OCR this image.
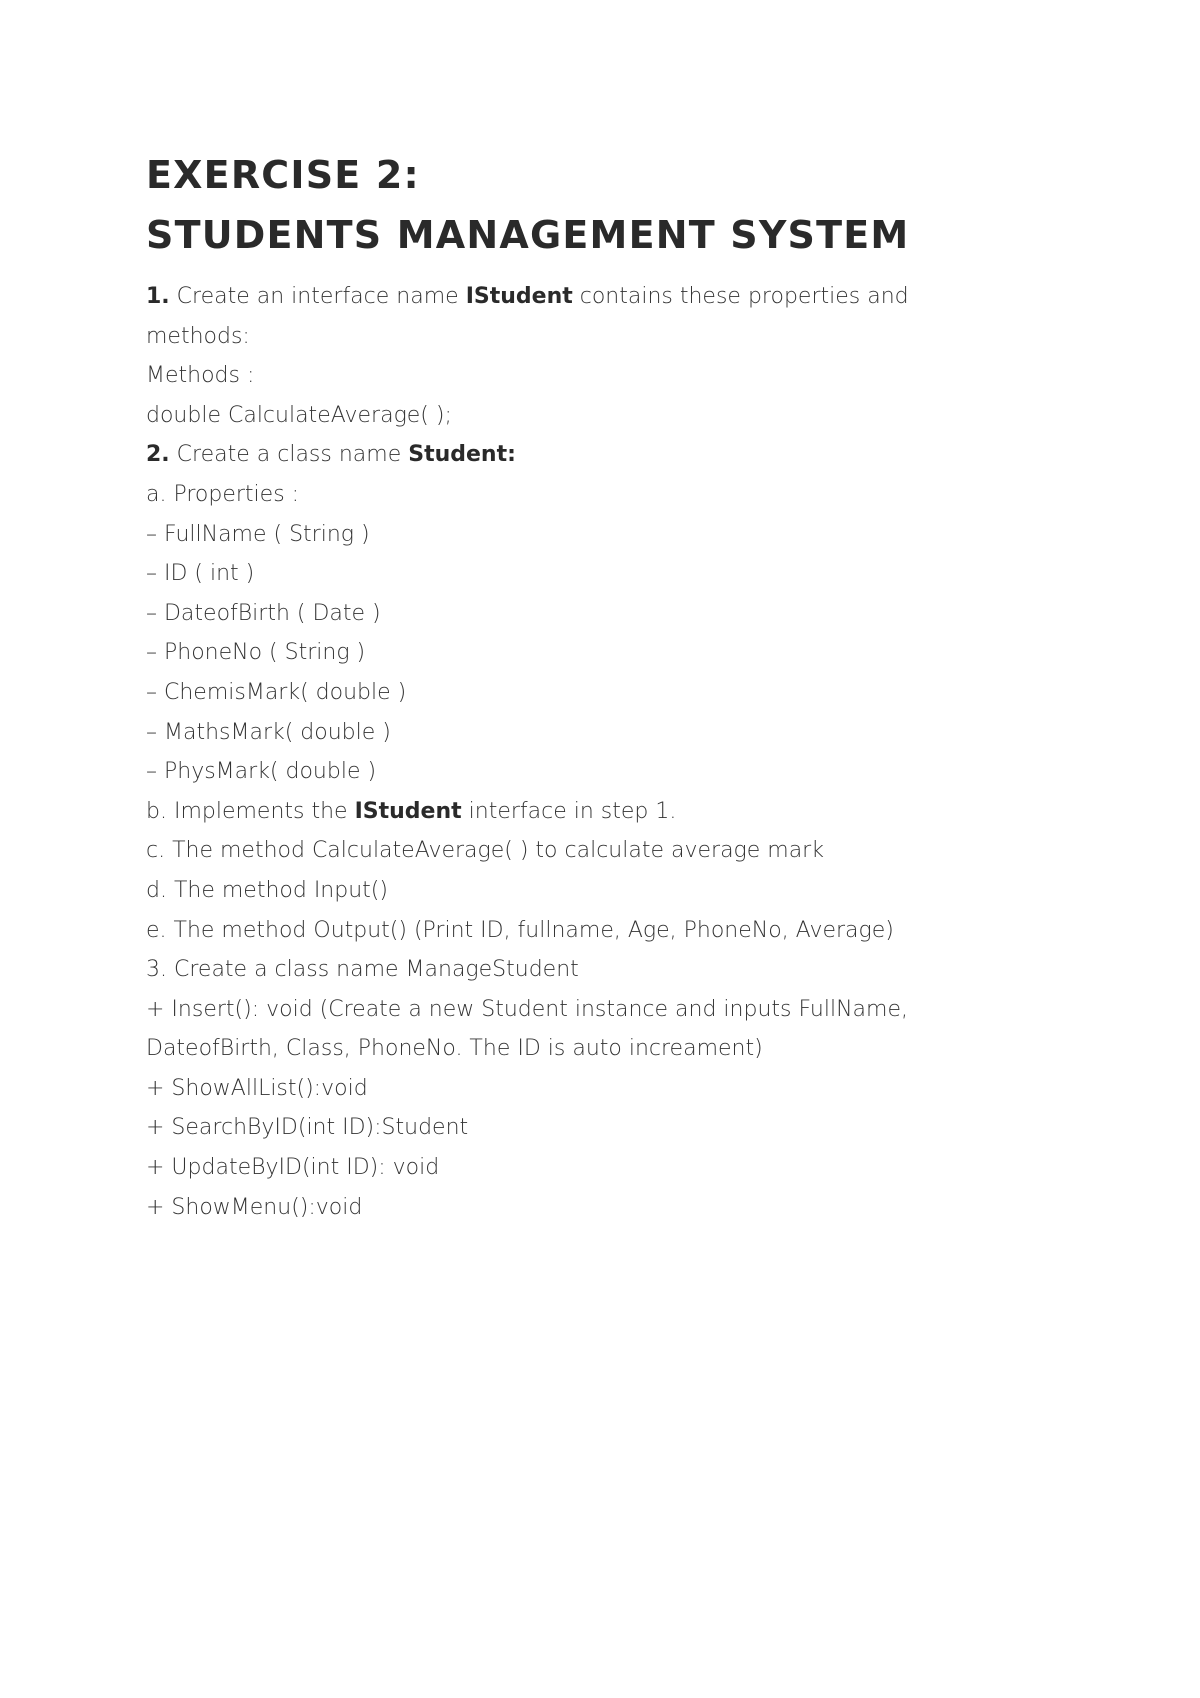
EXERCISE 2:
STUDENTS MANAGEMENT SYSTEM
1. Create an interface name IStudent contains these properties and
methods:
Methods :
double CalculateAverage( );
2. Create a class name Student:
a. Properties :
– FullName ( String )
– ID ( int )
– DateofBirth ( Date )
– PhoneNo ( String )
– ChemisMark( double )
– MathsMark( double )
– PhysMark( double )
b. Implements the IStudent interface in step 1.
c. The method CalculateAverage( ) to calculate average mark
d. The method Input()
e. The method Output() (Print ID, fullname, Age, PhoneNo, Average)
3. Create a class name ManageStudent
+ Insert(): void (Create a new Student instance and inputs FullName,
DateofBirth, Class, PhoneNo. The ID is auto increament)
+ ShowAllList():void
+ SearchByID(int ID):Student
+ UpdateByID(int ID): void
+ ShowMenu():void
